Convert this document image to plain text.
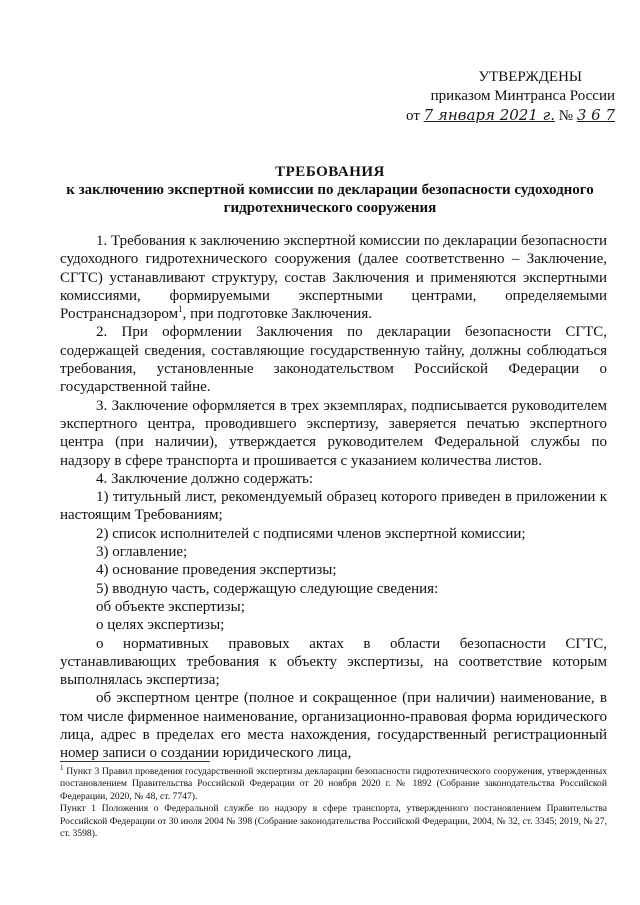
УТВЕРЖДЕНЫ
приказом Минтранса России
от 7 января 2021 г. № 3 6 7
ТРЕБОВАНИЯ
к заключению экспертной комиссии по декларации безопасности судоходного гидротехнического сооружения

1. Требования к заключению экспертной комиссии по декларации безопасности судоходного гидротехнического сооружения (далее соответственно – Заключение, СГТС) устанавливают структуру, состав Заключения и применяются экспертными комиссиями, формируемыми экспертными центрами, определяемыми Ространснадзором$^1$, при подготовке Заключения.

2. При оформлении Заключения по декларации безопасности СГТС, содержащей сведения, составляющие государственную тайну, должны соблюдаться требования, установленные законодательством Российской Федерации о государственной тайне.

3. Заключение оформляется в трех экземплярах, подписывается руководителем экспертного центра, проводившего экспертизу, заверяется печатью экспертного центра (при наличии), утверждается руководителем Федеральной службы по надзору в сфере транспорта и прошивается с указанием количества листов.

4. Заключение должно содержать:

1) титульный лист, рекомендуемый образец которого приведен в приложении к настоящим Требованиям;

2) список исполнителей с подписями членов экспертной комиссии;

3) оглавление;

4) основание проведения экспертизы;

5) вводную часть, содержащую следующие сведения:

об объекте экспертизы;

о целях экспертизы;

о нормативных правовых актах в области безопасности СГТС, устанавливающих требования к объекту экспертизы, на соответствие которым выполнялась экспертиза;

об экспертном центре (полное и сокращенное (при наличии) наименование, в том числе фирменное наименование, организационно-правовая форма юридического лица, адрес в пределах его места нахождения, государственный регистрационный номер записи о создании юридического лица,

$^1$ Пункт 3 Правил проведения государственной экспертизы декларации безопасности гидротехнического сооружения, утвержденных постановлением Правительства Российской Федерации от 20 ноября 2020 г. № 1892 (Собрание законодательства Российской Федерации, 2020, № 48, ст. 7747).

Пункт 1 Положения о Федеральной службе по надзору в сфере транспорта, утвержденного постановлением Правительства Российской Федерации от 30 июля 2004 № 398 (Собрание законодательства Российской Федерации, 2004, № 32, ст. 3345; 2019, № 27, ст. 3598).
